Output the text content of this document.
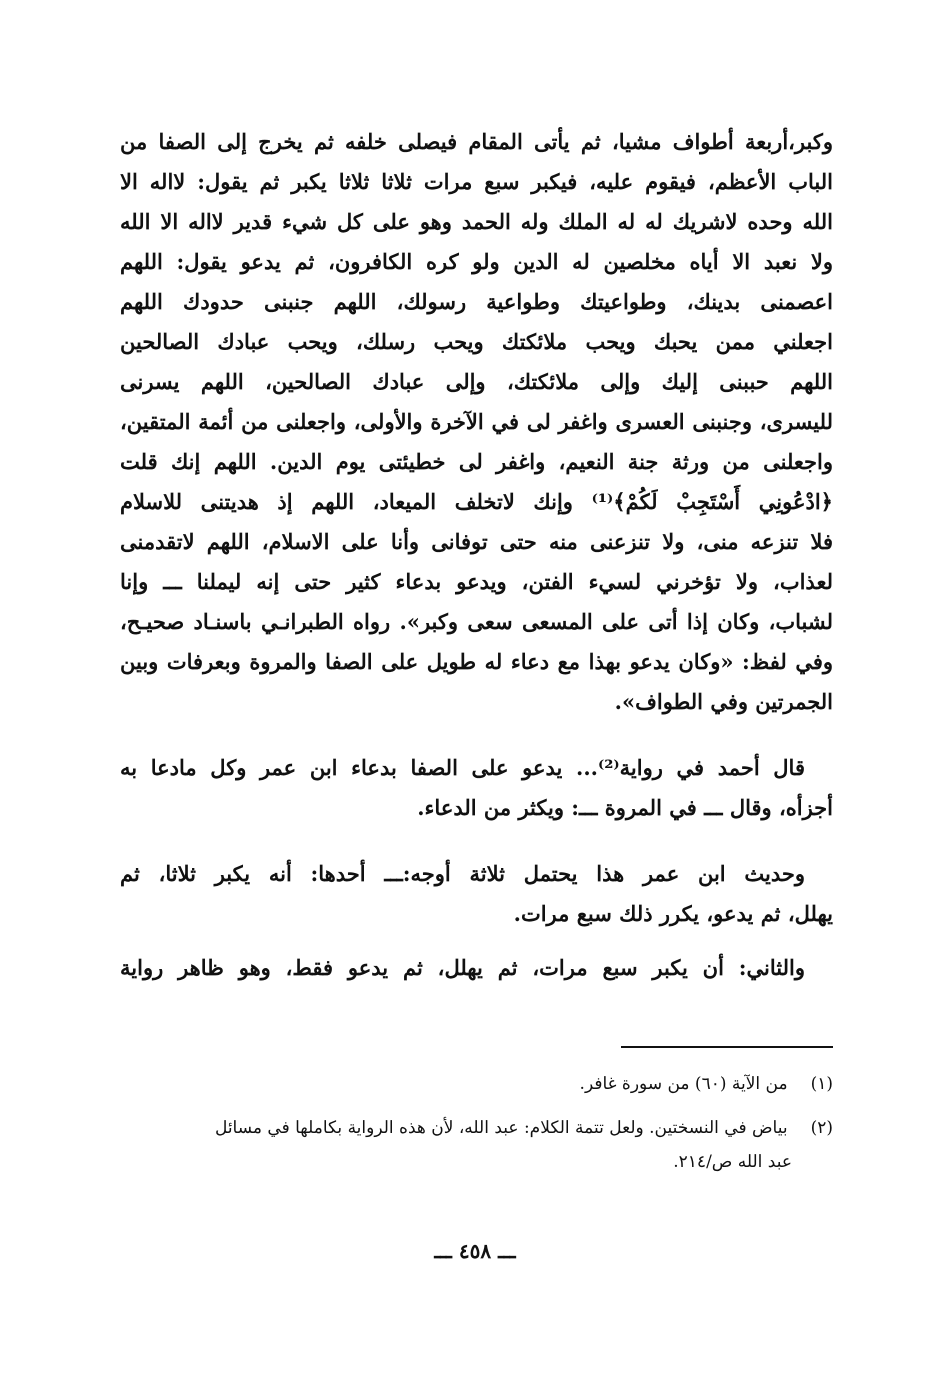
وكبر،أربعة أطواف مشيا، ثم يأتى المقام فيصلى خلفه ثم يخرج إلى الصفا من
الباب الأعظم، فيقوم عليه، فيكبر سبع مرات ثلاثا ثلاثا يكبر ثم يقول: لااله الا
الله وحده لاشريك له له الملك وله الحمد وهو على كل شيء قدير لااله الا الله
ولا نعبد الا أياه مخلصين له الدين ولو كره الكافرون، ثم يدعو يقول: اللهم
اعصمنى بدينك، وطواعيتك وطواعية رسولك، اللهم جنبنى حدودك اللهم
اجعلني ممن يحبك ويحب ملائكتك ويحب رسلك، ويحب عبادك الصالحين
اللهم حببنى إليك وإلى ملائكتك، وإلى عبادك الصالحين، اللهم يسرنى
لليسرى، وجنبنى العسرى واغفر لى في الآخرة والأولى، واجعلنى من أئمة المتقين،
واجعلنى من ورثة جنة النعيم، واغفر لى خطيئتى يوم الدين. اللهم إنك قلت
﴿ادْعُونِي أَسْتَجِبْ لَكُمْ﴾⁽¹⁾ وإنك لاتخلف الميعاد، اللهم إذ هديتنى للاسلام
فلا تنزعه منى، ولا تنزعنى منه حتى توفانى وأنا على الاسلام، اللهم لاتقدمنى
لعذاب، ولا تؤخرني لسيء الفتن، ويدعو بدعاء كثير حتى إنه ليملنا ـــ وإنا
لشباب، وكان إذا أتى على المسعى سعى وكبر». رواه الطبرانـي باسنـاد صحيـح،
وفي لفظ: «وكان يدعو بهذا مع دعاء له طويل على الصفا والمروة وبعرفات وبين
الجمرتين وفي الطواف».
قال أحمد في رواية⁽²⁾... يدعو على الصفا بدعاء ابن عمر وكل مادعا به
أجزأه، وقال ـــ في المروة ـــ: ويكثر من الدعاء.
وحديث ابن عمر هذا يحتمل ثلاثة أوجه:ـــ أحدها: أنه يكبر ثلاثا، ثم
يهلل، ثم يدعو، يكرر ذلك سبع مرات.
والثاني: أن يكبر سبع مرات، ثم يهلل، ثم يدعو فقط، وهو ظاهر رواية
(١) من الآية (٦٠) من سورة غافر.
(٢) بياض في النسختين. ولعل تتمة الكلام: عبد الله، لأن هذه الرواية بكاملها في مسائل
عبد الله ص/٢١٤.
ـــ ٤٥٨ ـــ
